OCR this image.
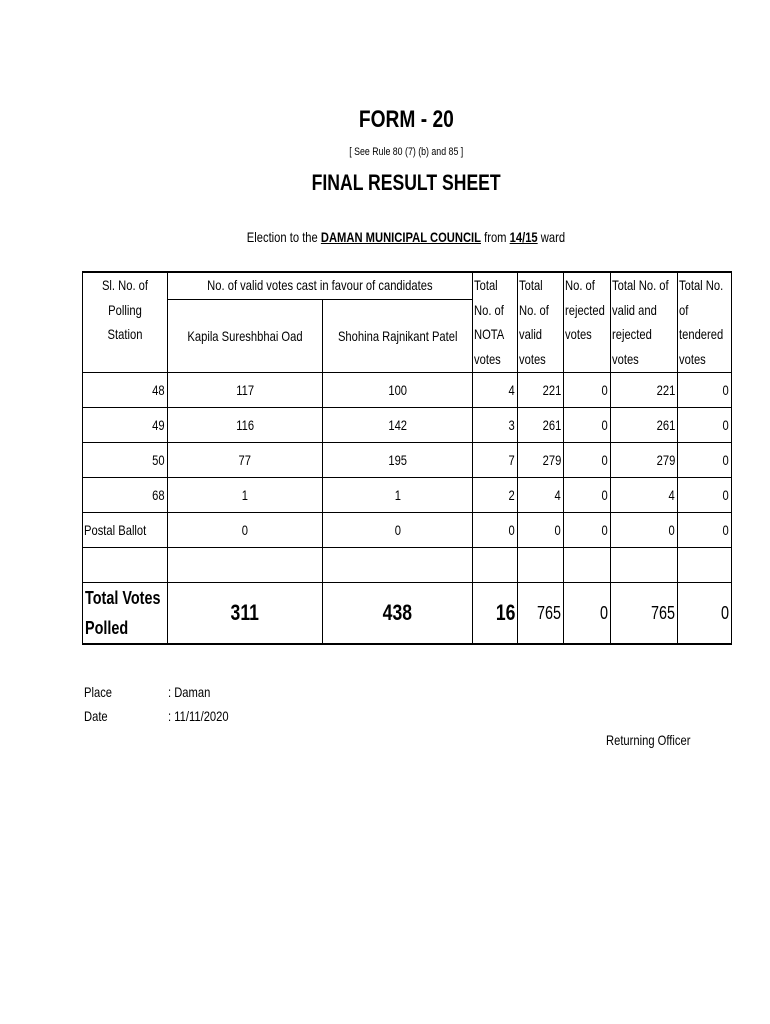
FORM - 20
[ See Rule 80 (7) (b) and 85 ]
FINAL RESULT SHEET
Election to the DAMAN MUNICIPAL COUNCIL from 14/15 ward
Sl. No. of Polling Station	No. of valid votes cast in favour of candidates		Total No. of NOTA votes	Total No. of valid votes	No. of rejected votes	Total No. of valid and rejected votes	Total No. of tendered votes
	Kapila Sureshbhai Oad	Shohina Rajnikant Patel					
48	117	100	4	221	0	221	0
49	116	142	3	261	0	261	0
50	77	195	7	279	0	279	0
68	1	1	2	4	0	4	0
Postal Ballot	0	0	0	0	0	0	0

Total Votes
Polled	311	438	16	765	0	765	0
Place	: Daman
Date	: 11/11/2020
Returning Officer
